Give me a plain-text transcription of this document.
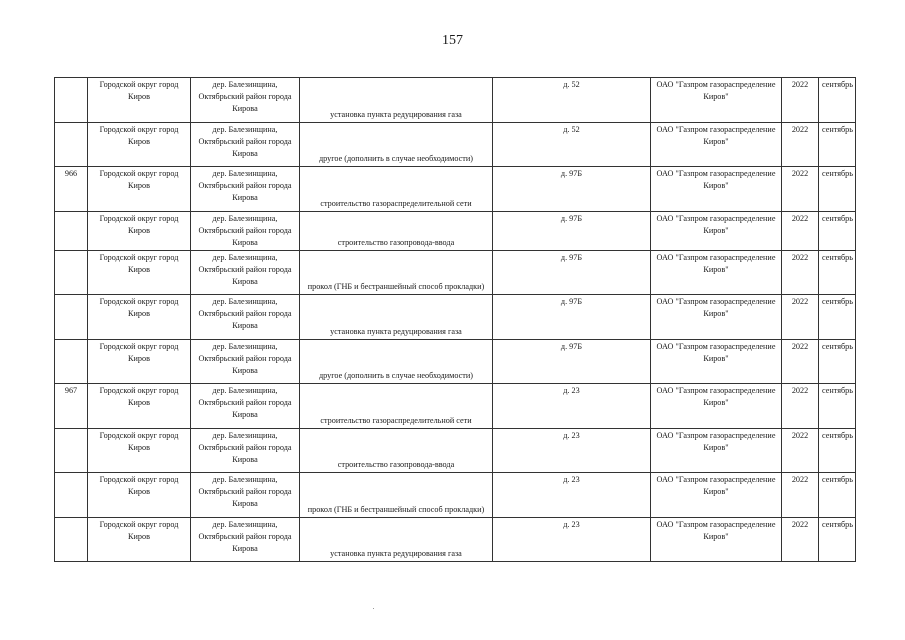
157
	Городской округ город Киров	дер. Балезинщина, Октябрьский район города Кирова	установка пункта редуцирования газа	д. 52	ОАО "Газпром газораспределение Киров"	2022	сентябрь
	Городской округ город Киров	дер. Балезинщина, Октябрьский район города Кирова	другое (дополнить в случае необходимости)	д. 52	ОАО "Газпром газораспределение Киров"	2022	сентябрь
966	Городской округ город Киров	дер. Балезинщина, Октябрьский район города Кирова	строительство газораспределительной сети	д. 97Б	ОАО "Газпром газораспределение Киров"	2022	сентябрь
	Городской округ город Киров	дер. Балезинщина, Октябрьский район города Кирова	строительство газопровода-ввода	д. 97Б	ОАО "Газпром газораспределение Киров"	2022	сентябрь
	Городской округ город Киров	дер. Балезинщина, Октябрьский район города Кирова	прокол (ГНБ и бестраншейный способ прокладки)	д. 97Б	ОАО "Газпром газораспределение Киров"	2022	сентябрь
	Городской округ город Киров	дер. Балезинщина, Октябрьский район города Кирова	установка пункта редуцирования газа	д. 97Б	ОАО "Газпром газораспределение Киров"	2022	сентябрь
	Городской округ город Киров	дер. Балезинщина, Октябрьский район города Кирова	другое (дополнить в случае необходимости)	д. 97Б	ОАО "Газпром газораспределение Киров"	2022	сентябрь
967	Городской округ город Киров	дер. Балезинщина, Октябрьский район города Кирова	строительство газораспределительной сети	д. 23	ОАО "Газпром газораспределение Киров"	2022	сентябрь
	Городской округ город Киров	дер. Балезинщина, Октябрьский район города Кирова	строительство газопровода-ввода	д. 23	ОАО "Газпром газораспределение Киров"	2022	сентябрь
	Городской округ город Киров	дер. Балезинщина, Октябрьский район города Кирова	прокол (ГНБ и бестраншейный способ прокладки)	д. 23	ОАО "Газпром газораспределение Киров"	2022	сентябрь
	Городской округ город Киров	дер. Балезинщина, Октябрьский район города Кирова	установка пункта редуцирования газа	д. 23	ОАО "Газпром газораспределение Киров"	2022	сентябрь
